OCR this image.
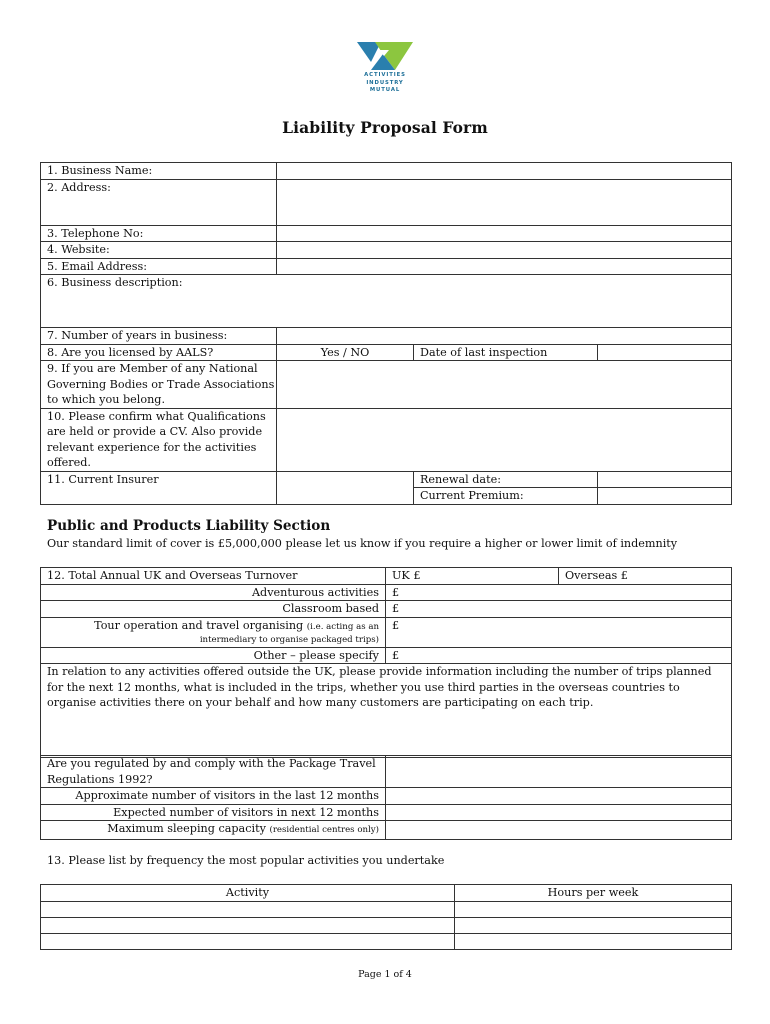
ACTIVITIES
INDUSTRY
MUTUAL
Liability Proposal Form
1. Business Name:			
2. Address:			
3. Telephone No:			
4. Website:			
5. Email Address:			
6. Business description:			
7. Number of years in business:			
8. Are you licensed by AALS?	Yes / NO	Date of last inspection	
9. If you are Member of any National Governing Bodies or Trade Associations to which you belong.			
10. Please confirm what Qualifications are held or provide a CV. Also provide relevant experience for the activities offered.			
11. Current Insurer		Renewal date:	
		Current Premium:	
Public and Products Liability Section
Our standard limit of cover is £5,000,000 please let us know if you require a higher or lower limit of indemnity
12. Total Annual UK and Overseas Turnover	UK £	Overseas £
Adventurous activities	£	
Classroom based	£	

Tour operation and travel organising (i.e. acting as an
intermediary to organise packaged trips)	£	
Other – please specify	£	

In relation to any activities offered outside the UK, please provide information including the number of trips planned for the next 12 months, what is included in the trips, whether you use third parties in the overseas countries to organise activities there on your behalf and how many customers are participating on each trip.		
Are you regulated by and comply with the Package Travel Regulations 1992?	
Approximate number of visitors in the last 12 months	
Expected number of visitors in next 12 months	
Maximum sleeping capacity (residential centres only)	
13. Please list by frequency the most popular activities you undertake
Activity	Hours per week

Page 1 of 4
